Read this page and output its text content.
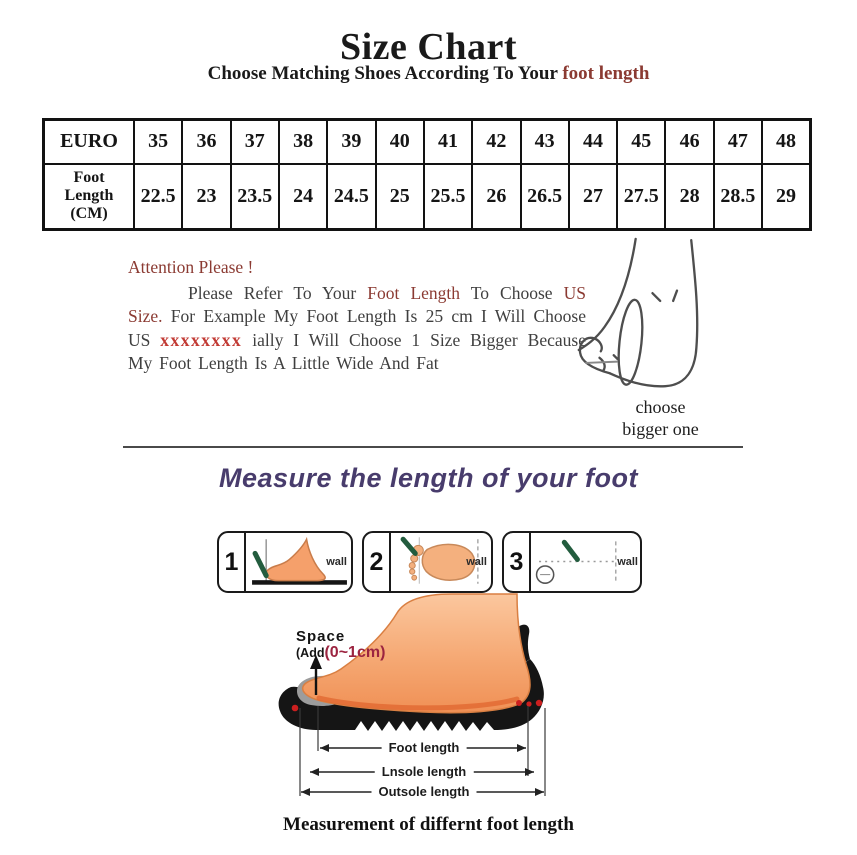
Size Chart
Choose Matching Shoes According To Your foot length
EURO	35	36	37	38	39	40	41	42	43	44	45	46	47	48

Foot
Length
(CM)	22.5	23	23.5	24	24.5	25	25.5	26	26.5	27	27.5	28	28.5	29
Attention Please !

Please Refer To Your Foot Length To Choose US Size. For Example My Foot Length Is 25 cm I Will Choose US xxxxxxxx ially I Will Choose 1 Size Bigger Because My Foot Length Is A Little Wide And Fat

choose
bigger one
Measure the length of your foot
1	wall 2	wall 3	wall
Space
(Add(0~1cm)
Foot length
Lnsole length
Outsole length
Measurement of differnt foot length
